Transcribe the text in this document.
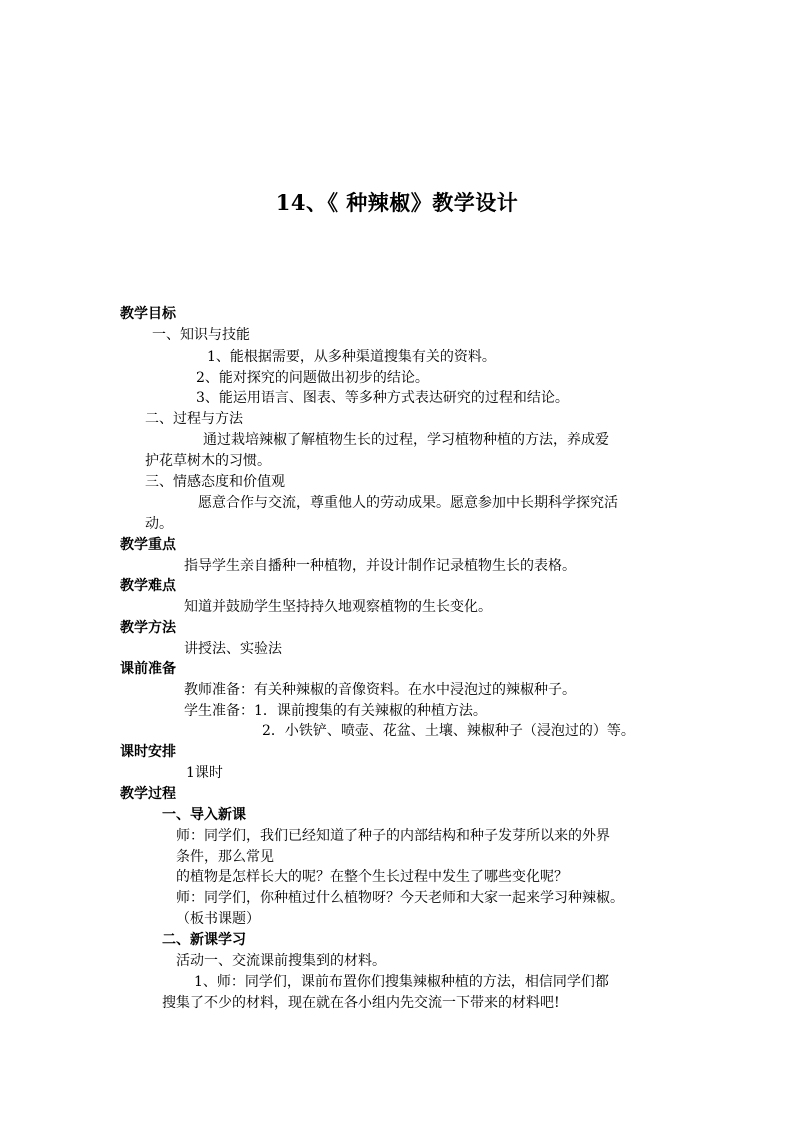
14、《 种辣椒》教学设计
教学目标
一、知识与技能
1、能根据需要，从多种渠道搜集有关的资料。
2、能对探究的问题做出初步的结论。
3、能运用语言、图表、等多种方式表达研究的过程和结论。
二、过程与方法
通过栽培辣椒了解植物生长的过程，学习植物种植的方法，养成爱
护花草树木的习惯。
三、情感态度和价值观
愿意合作与交流，尊重他人的劳动成果。愿意参加中长期科学探究活
动。
教学重点
指导学生亲自播种一种植物，并设计制作记录植物生长的表格。
教学难点
知道并鼓励学生坚持持久地观察植物的生长变化。
教学方法
讲授法、实验法
课前准备
教师准备：有关种辣椒的音像资料。在水中浸泡过的辣椒种子。
学生准备：1．课前搜集的有关辣椒的种植方法。
2．小铁铲、喷壶、花盆、土壤、辣椒种子（浸泡过的）等。
课时安排
1课时
教学过程
一、导入新课
师：同学们，我们已经知道了种子的内部结构和种子发芽所以来的外界
条件，那么常见
的植物是怎样长大的呢？在整个生长过程中发生了哪些变化呢？
师：同学们，你种植过什么植物呀？今天老师和大家一起来学习种辣椒。
（板书课题）
二、新课学习
活动一、交流课前搜集到的材料。
1、师：同学们，课前布置你们搜集辣椒种植的方法，相信同学们都
搜集了不少的材料，现在就在各小组内先交流一下带来的材料吧!
